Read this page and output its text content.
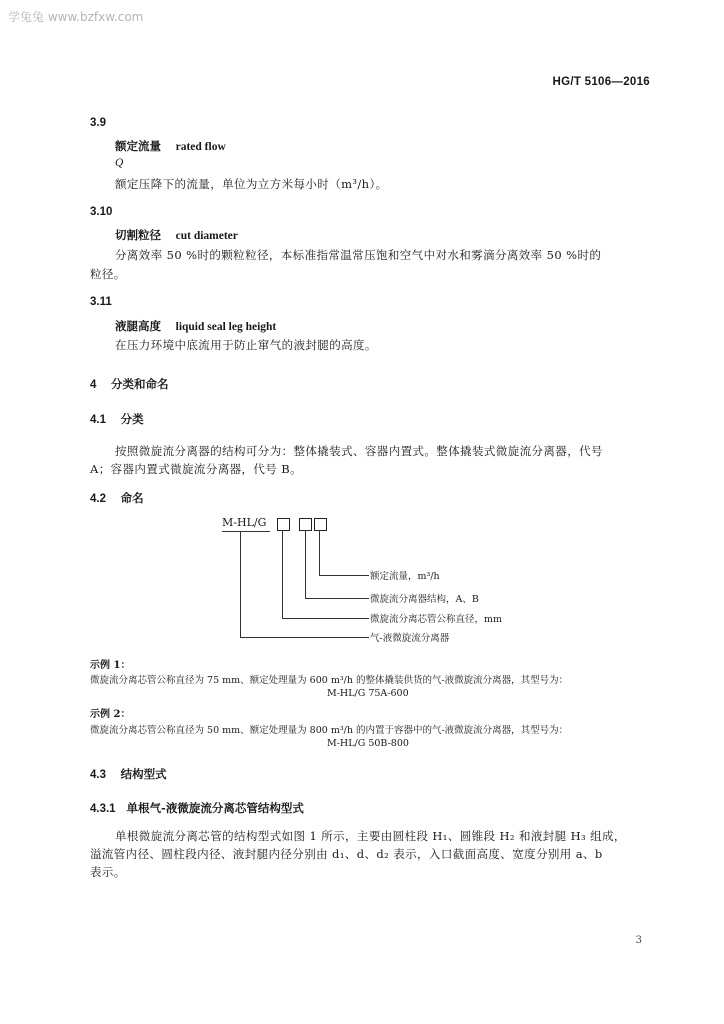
学兔兔 www.bzfxw.com
HG/T 5106—2016
3.9
额定流量 rated flow
Q
额定压降下的流量，单位为立方米每小时（m³/h）。
3.10
切割粒径 cut diameter
分离效率 50 %时的颗粒粒径，本标准指常温常压饱和空气中对水和雾滴分离效率 50 %时的
粒径。
3.11
液腿高度 liquid seal leg height
在压力环境中底流用于防止窜气的液封腿的高度。
4 分类和命名
4.1 分类
按照微旋流分离器的结构可分为：整体撬装式、容器内置式。整体撬装式微旋流分离器，代号
A；容器内置式微旋流分离器，代号 B。
4.2 命名
M-HL/G
额定流量，m³/h
微旋流分离器结构，A、B
微旋流分离芯管公称直径，mm
气-液微旋流分离器
示例 1：
微旋流分离芯管公称直径为 75 mm、额定处理量为 600 m³/h 的整体撬装供货的气-液微旋流分离器，其型号为：
M-HL/G 75A-600
示例 2：
微旋流分离芯管公称直径为 50 mm、额定处理量为 800 m³/h 的内置于容器中的气-液微旋流分离器，其型号为：
M-HL/G 50B-800
4.3 结构型式
4.3.1 单根气-液微旋流分离芯管结构型式
单根微旋流分离芯管的结构型式如图 1 所示，主要由圆柱段 H₁、圆锥段 H₂ 和液封腿 H₃ 组成，
溢流管内径、圆柱段内径、液封腿内径分别由 d₁、d、d₂ 表示，入口截面高度、宽度分别用 a、b
表示。
3
